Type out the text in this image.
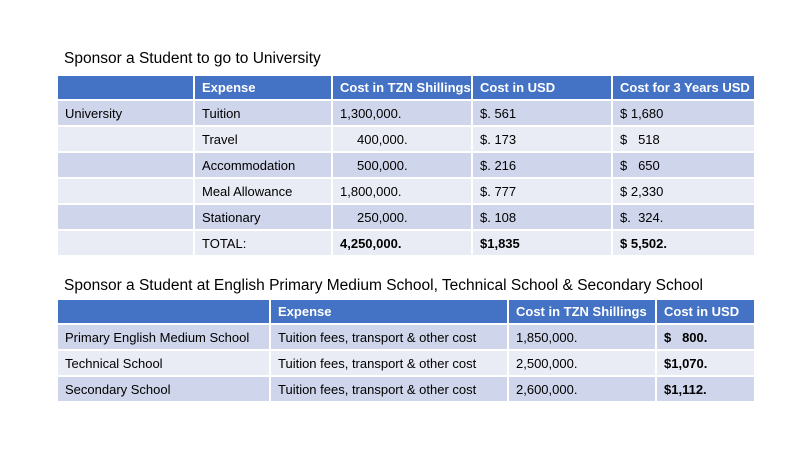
Sponsor a Student to go to University
	Expense	Cost in TZN Shillings	Cost in USD	Cost for 3 Years USD
University	Tuition	1,300,000.	$. 561	$ 1,680
	Travel	400,000.	$. 173	$   518
	Accommodation	500,000.	$. 216	$   650
	Meal Allowance	1,800,000.	$. 777	$ 2,330
	Stationary	250,000.	$. 108	$.  324.
	TOTAL:	4,250,000.	$1,835	$ 5,502.
Sponsor a Student at English Primary Medium School, Technical School & Secondary School
	Expense	Cost in TZN Shillings	Cost in USD
Primary English Medium School	Tuition fees, transport & other cost	1,850,000.	$   800.
Technical School	Tuition fees, transport & other cost	2,500,000.	$1,070.
Secondary School	Tuition fees, transport & other cost	2,600,000.	$1,112.
